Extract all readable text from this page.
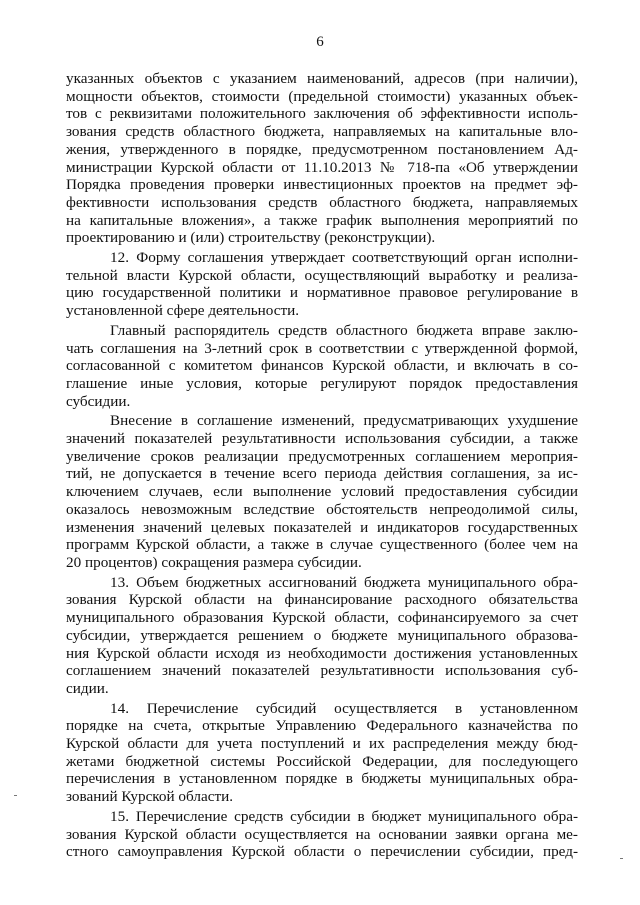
6

указанных объектов с указанием наименований, адресов (при наличии),
мощности объектов, стоимости (предельной стоимости) указанных объек-
тов с реквизитами положительного заключения об эффективности исполь-
зования средств областного бюджета, направляемых на капитальные вло-
жения, утвержденного в порядке, предусмотренном постановлением Ад-
министрации Курской области от 11.10.2013 № 718-па «Об утверждении
Порядка проведения проверки инвестиционных проектов на предмет эф-
фективности использования средств областного бюджета, направляемых
на капитальные вложения», а также график выполнения мероприятий по
проектированию и (или) строительству (реконструкции).

12. Форму соглашения утверждает соответствующий орган исполни-
тельной власти Курской области, осуществляющий выработку и реализа-
цию государственной политики и нормативное правовое регулирование в
установленной сфере деятельности.

Главный распорядитель средств областного бюджета вправе заклю-
чать соглашения на 3-летний срок в соответствии с утвержденной формой,
согласованной с комитетом финансов Курской области, и включать в со-
глашение иные условия, которые регулируют порядок предоставления
субсидии.

Внесение в соглашение изменений, предусматривающих ухудшение
значений показателей результативности использования субсидии, а также
увеличение сроков реализации предусмотренных соглашением мероприя-
тий, не допускается в течение всего периода действия соглашения, за ис-
ключением случаев, если выполнение условий предоставления субсидии
оказалось невозможным вследствие обстоятельств непреодолимой силы,
изменения значений целевых показателей и индикаторов государственных
программ Курской области, а также в случае существенного (более чем на
20 процентов) сокращения размера субсидии.

13. Объем бюджетных ассигнований бюджета муниципального обра-
зования Курской области на финансирование расходного обязательства
муниципального образования Курской области, софинансируемого за счет
субсидии, утверждается решением о бюджете муниципального образова-
ния Курской области исходя из необходимости достижения установленных
соглашением значений показателей результативности использования суб-
сидии.

14. Перечисление субсидий осуществляется в установленном
порядке на счета, открытые Управлению Федерального казначейства по
Курской области для учета поступлений и их распределения между бюд-
жетами бюджетной системы Российской Федерации, для последующего
перечисления в установленном порядке в бюджеты муниципальных обра-
зований Курской области.

15. Перечисление средств субсидии в бюджет муниципального обра-
зования Курской области осуществляется на основании заявки органа ме-
стного самоуправления Курской области о перечислении субсидии, пред-
